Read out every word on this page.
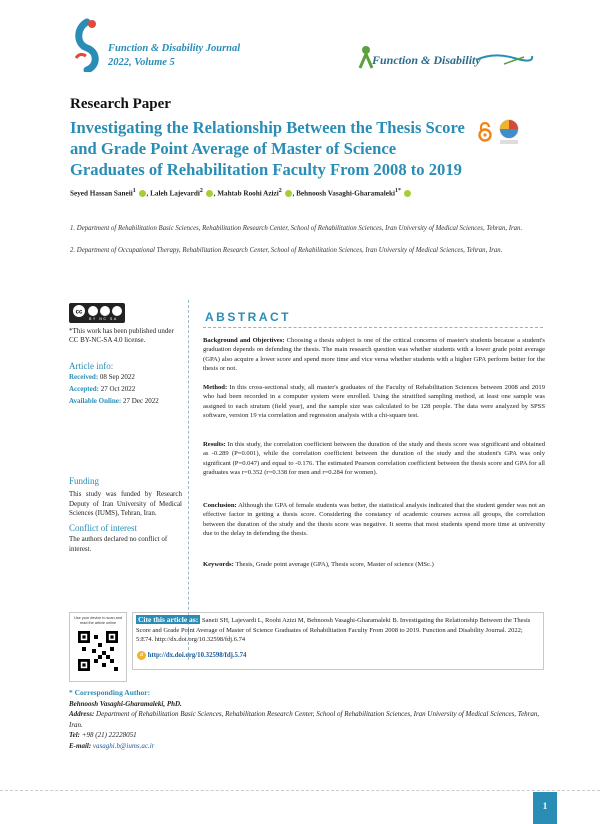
Function & Disability Journal
2022, Volume 5	Function & Disability
Research Paper
Investigating the Relationship Between the Thesis Score and Grade Point Average of Master of Science Graduates of Rehabilitation Faculty From 2008 to 2019
Seyed Hassan Saneii$^1$ , Laleh Lajevardi$^2$ , Mahtab Roohi Azizi$^2$ , Behnoosh Vasaghi-Gharamaleki$^{1*}$
1. Department of Rehabilitation Basic Sciences, Rehabilitation Research Center, School of Rehabilitation Sciences, Iran University of Medical Sciences, Tehran, Iran.
2. Department of Occupational Therapy, Rehabilitation Research Center, School of Rehabilitation Sciences, Iran University of Medical Sciences, Tehran, Iran.
cc
BY NC SA
*This work has been published under CC BY-NC-SA 4.0 license.
Article info:
Received: 08 Sep 2022
Accepted: 27 Oct 2022
Available Online: 27 Dec 2022
Funding
This study was funded by Research Deputy of Iran University of Medical Sciences (IUMS), Tehran, Iran.
Conflict of interest
The authors declared no conflict of interest.
ABSTRACT
Background and Objectives: Choosing a thesis subject is one of the critical concerns of master's students because a student's graduation depends on defending the thesis. The main research question was whether students with a lower grade point average (GPA) also acquire a lower score and spend more time and vice versa whether students with a higher GPA perform better for the thesis or not.
Method: In this cross-sectional study, all master's graduates of the Faculty of Rehabilitation Sciences between 2008 and 2019 who had been recorded in a computer system were enrolled. Using the stratified sampling method, at least one sample was assigned to each stratum (field year), and the sample size was calculated to be 128 people. The data were analyzed by SPSS software, version 19 via correlation and regression analysis with a chi-square test.
Results: In this study, the correlation coefficient between the duration of the study and thesis score was significant and obtained as -0.289 (P=0.001), while the correlation coefficient between the duration of the study and the student's GPA was only significant (P=0.047) and equal to -0.176. The estimated Pearson correlation coefficient between the thesis score and GPA for all graduates was r=0.352 (r=0.338 for men and r=0.284 for women).
Conclusion: Although the GPA of female students was better, the statistical analysis indicated that the student gender was not an effective factor in getting a thesis score. Considering the constancy of academic courses across all groups, the correlation between the duration of the study and the thesis score was negative. It seems that most students spend more time at university due to the delay in defending the thesis.
Keywords: Thesis, Grade point average (GPA), Thesis score, Master of science (MSc.)
Use your device to scan and read the article online	Cite this article as: Saneii SH, Lajevardi L, Roohi Azizi M, Behnoosh Vasaghi-Gharamaleki B. Investigating the Relationship Between the Thesis Score and Grade Point Average of Master of Science Graduates of Rehabilitation Faculty From 2008 to 2019. Function and Disability Journal. 2022; 5:E74. http://dx.doi.org/10.32598/fdj.6.74
d http://dx.doi.org/10.32598/fdj.5.74
* Corresponding Author:
Behnoosh Vasaghi-Gharamaleki, PhD.
Address: Department of Rehabilitation Basic Sciences, Rehabilitation Research Center, School of Rehabilitation Sciences, Iran University of Medical Sciences, Tehran, Iran.
Tel: +98 (21) 22228051
E-mail: vasaghi.b@iums.ac.ir
1
